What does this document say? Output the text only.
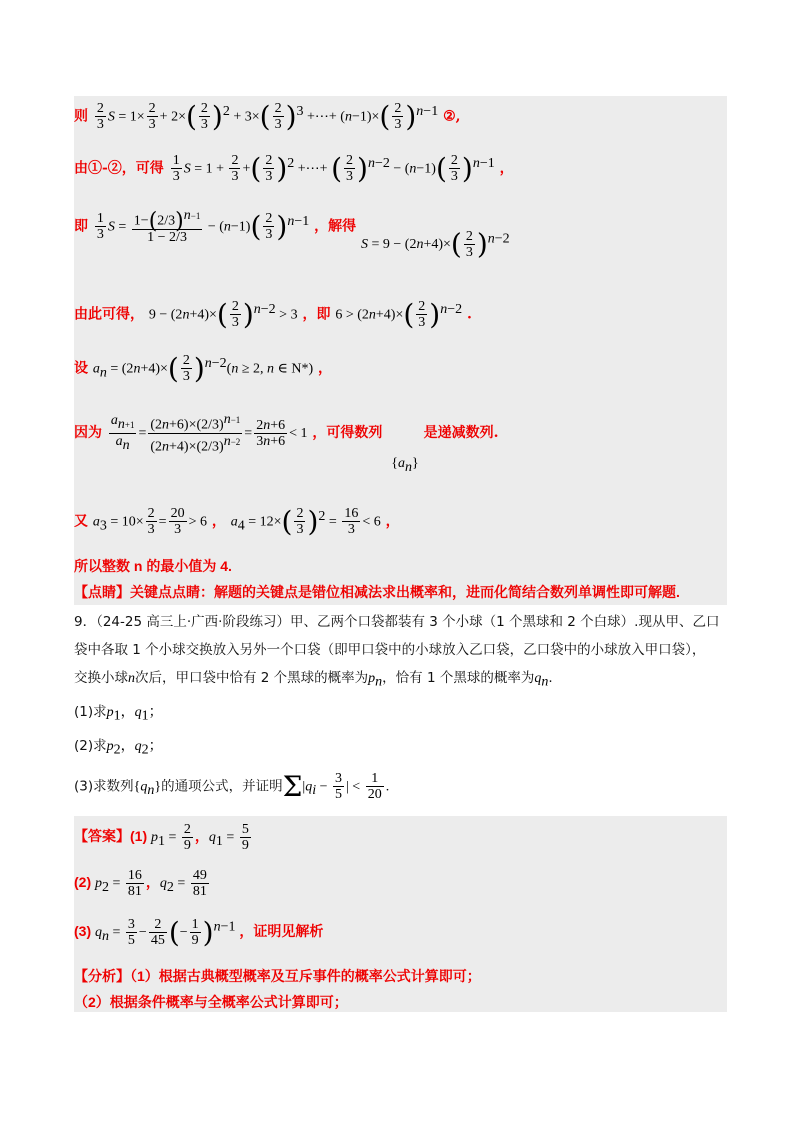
则 $\frac{2}{3}$ $S = 1\times \frac{2}{3} + 2\times( \frac{2}{3} )^2 + 3\times( \frac{2}{3} )^3$ +⋯+ $(n-1)\times( \frac{2}{3} )^{n-1}$ ②,
由①-②，可得 $\frac{1}{3}$ $S = 1 + \frac{2}{3}$ +( $\frac{2}{3} )^2$ +⋯+ ( $\frac{2}{3} )^{n-2} - (n-1)( \frac{2}{3} )^{n-1}$ ，
即 $\frac{1}{3}$ $S = \frac{1-(2/3)^{n-1}}{1 - 2/3} - (n-1)( \frac{2}{3} )^{n-1}$ ，解得 $S = 9 - (2n+4)\times( \frac{2}{3} )^{n-2}$
由此可得， $9 - (2n+4)\times( \frac{2}{3} )^{n-2} > 3$ ，即 $6 > (2n+4)\times( \frac{2}{3} )^{n-2}$ .
设 $a_n = (2n+4)\times( \frac{2}{3} )^{n-2}(n \ge 2$, n ∈ N*) ，
因为 $\frac{a_{n+1}}{a_n} = \frac{(2n+6)\times(2/3)^{n-1}}{(2n+4)\times(2/3)^{n-2}} = \frac{2n+6}{3n+6} < 1$ ，可得数列 $\{a_n\}$ 是递减数列.
又 $a_3 = 10\times \frac{2}{3} = \frac{20}{3} > 6$ ， $a_4 = 12\times( \frac{2}{3} )^2 = \frac{16}{3} < 6$ ，
所以整数 n 的最小值为 4.
【点睛】关键点点睛：解题的关键点是错位相减法求出概率和，进而化简结合数列单调性即可解题.
9．（24-25 高三上·广西·阶段练习）甲、乙两个口袋都装有 3 个小球（1 个黑球和 2 个白球）.现从甲、乙口
袋中各取 1 个小球交换放入另外一个口袋（即甲口袋中的小球放入乙口袋，乙口袋中的小球放入甲口袋），
交换小球n次后，甲口袋中恰有 2 个黑球的概率为$p_n$，恰有 1 个黑球的概率为$q_n$.
(1)求$p_1$，$q_1$；
(2)求$p_2$，$q_2$；
(3)求数列$\{q_n\}$的通项公式，并证明$\Sigma|q_i - \frac{3}{5}$ | < $\frac{1}{20}$ .
【答案】(1) $p_1 = \frac{2}{9}$ ，$q_1 = \frac{5}{9}$
(2) $p_2 = \frac{16}{81}$ ，$q_2 = \frac{49}{81}$
(3) $q_n = \frac{3}{5} - \frac{2}{45}$ (− $\frac{1}{9} )^{n-1}$ ，证明见解析
【分析】（1）根据古典概型概率及互斥事件的概率公式计算即可；
（2）根据条件概率与全概率公式计算即可；
